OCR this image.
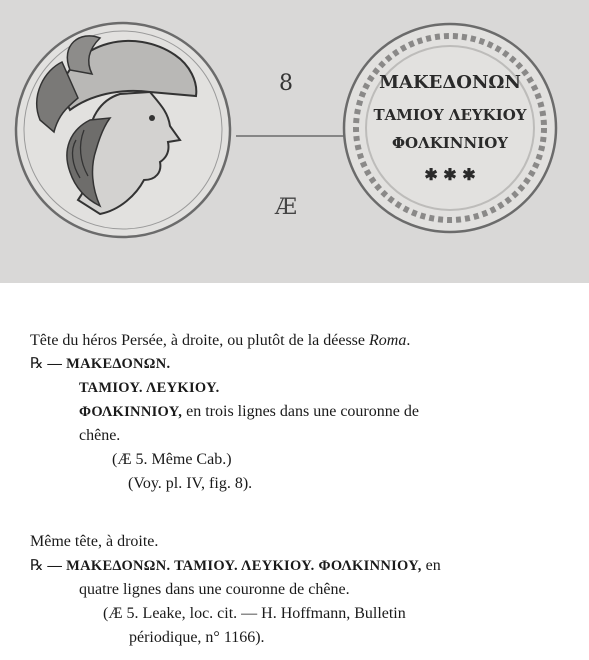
8
Æ
ΜΑΚΕΔΟΝΩΝ
ΤΑΜΙΟΥ ΛΕΥΚΙΟΥ
ΦΟΛΚΙΝΝΙΟΥ
✱ ✱ ✱
Tête du héros Persée, à droite, ou plutôt de la déesse Roma.
℞ — ΜΑΚΕΔΟΝΩΝ.
ΤΑΜΙΟΥ. ΛΕΥΚΙΟΥ.
ΦΟΛΚΙΝΝΙΟΥ, en trois lignes dans une couronne de
chêne.
(Æ 5. Même Cab.)
(Voy. pl. IV, fig. 8).
Même tête, à droite.
℞ — ΜΑΚΕΔΟΝΩΝ. ΤΑΜΙΟΥ. ΛΕΥΚΙΟΥ. ΦΟΛΚΙΝΝΙΟΥ, en
quatre lignes dans une couronne de chêne.
(Æ 5. Leake, loc. cit. — H. Hoffmann, Bulletin
périodique, n° 1166).
